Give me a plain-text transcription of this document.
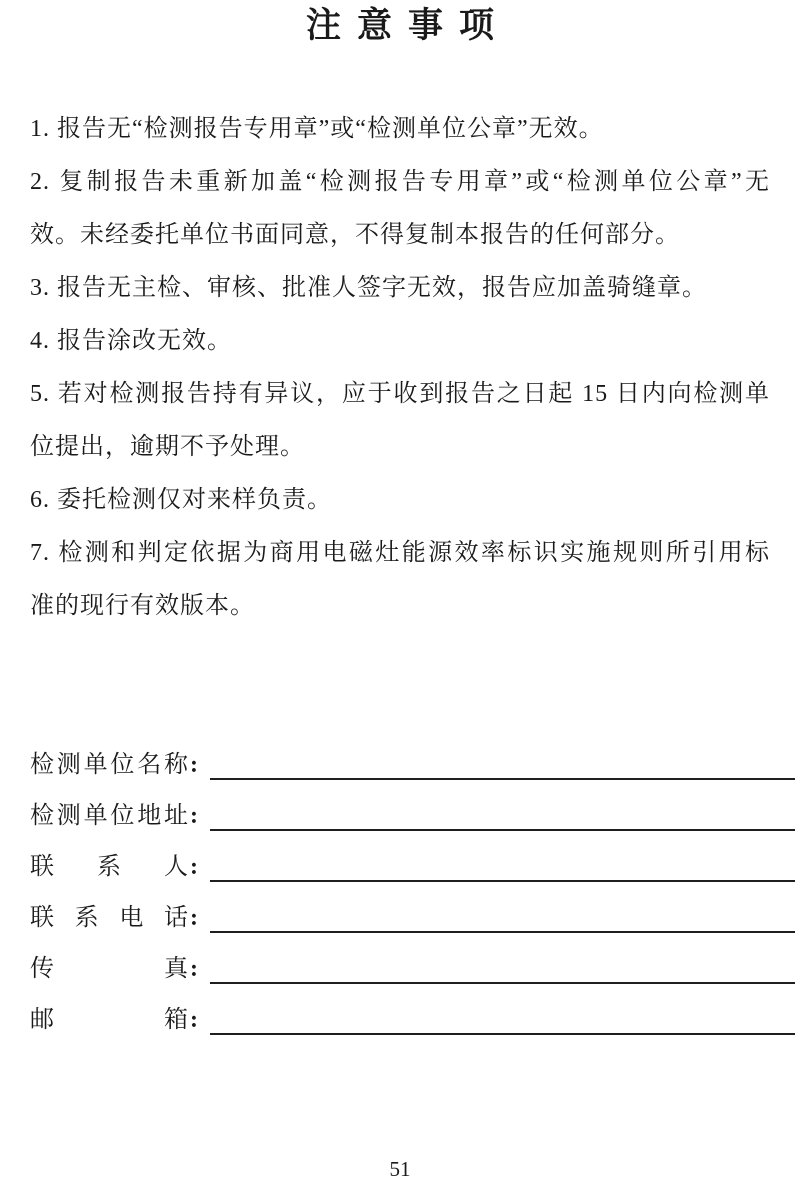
注意事项
1. 报告无“检测报告专用章”或“检测单位公章”无效。
2. 复制报告未重新加盖“检测报告专用章”或“检测单位公章”无
效。未经委托单位书面同意，不得复制本报告的任何部分。
3. 报告无主检、审核、批准人签字无效，报告应加盖骑缝章。
4. 报告涂改无效。
5. 若对检测报告持有异议，应于收到报告之日起 15 日内向检测单
位提出，逾期不予处理。
6. 委托检测仅对来样负责。
7. 检测和判定依据为商用电磁灶能源效率标识实施规则所引用标
准的现行有效版本。
检测单位名称 :
检测单位地址 :
联系人 :
联系电话 :
传真 :
邮箱 :
51
